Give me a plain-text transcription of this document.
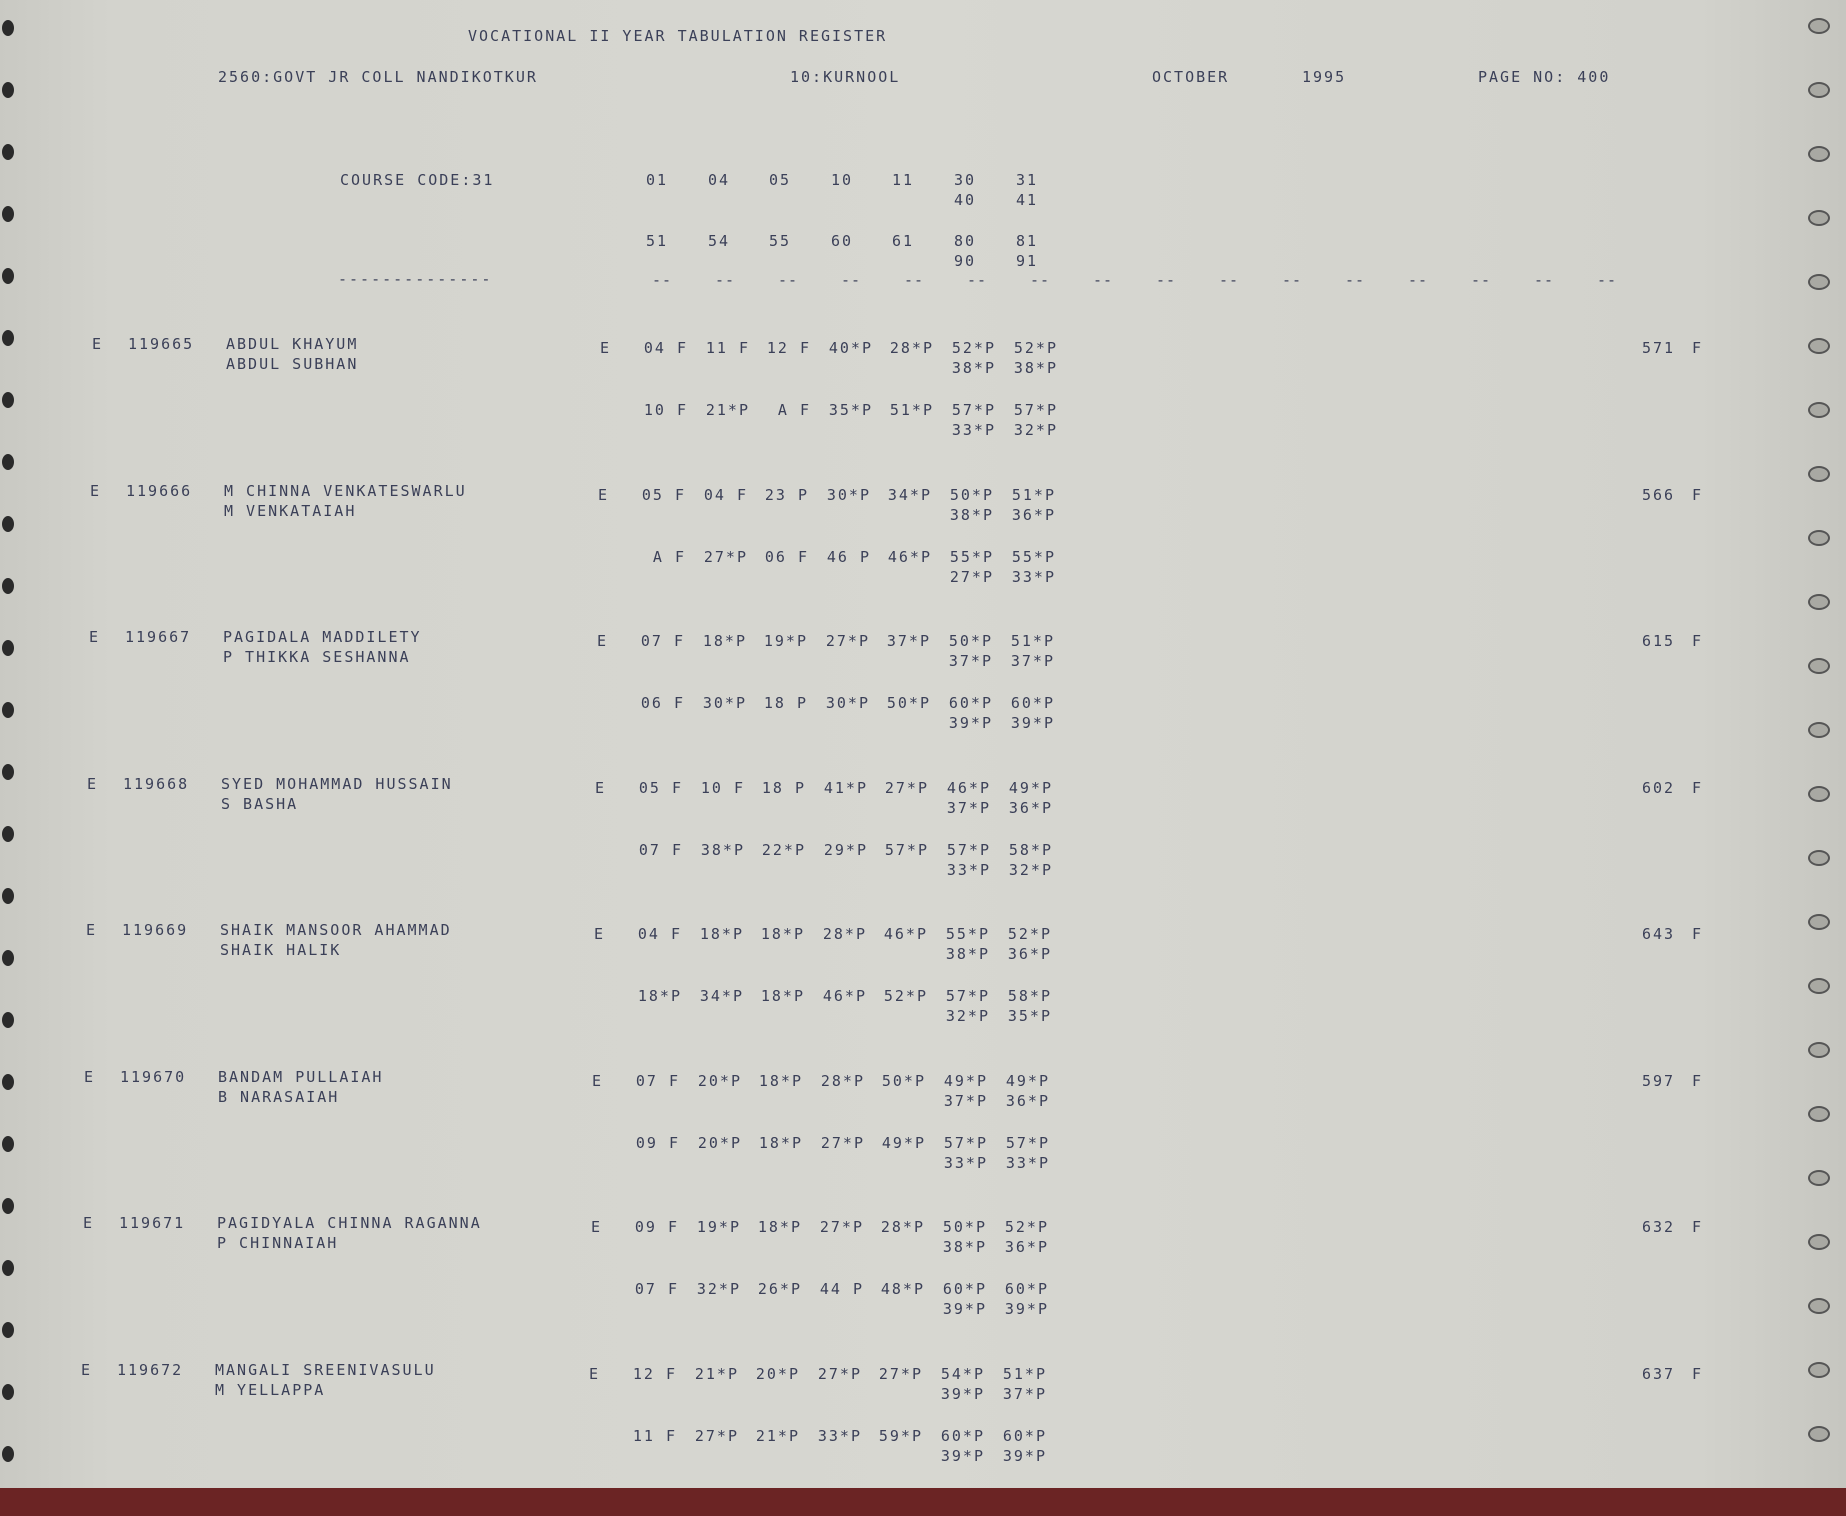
VOCATIONAL II YEAR TABULATION REGISTER
2560:GOVT JR COLL NANDIKOTKUR	10:KURNOOL	OCTOBER	1995	PAGE NO: 400
COURSE CODE:31	01	04	05	10	11	30	31
40	41
51	54	55	60	61	80	81
90	91
--------------	--	--	--	--	--	--	--	--	--	--	--	--	--	--	--	--
E 119665 ABDUL KHAYUM
ABDUL SUBHAN
E	04 F	11 F	12 F	40*P	28*P	52*P	52*P
38*P	38*P
10 F	21*P	A F	35*P	51*P	57*P	57*P
33*P	32*P
571 F
E 119666 M CHINNA VENKATESWARLU
M VENKATAIAH
E	05 F	04 F	23 P	30*P	34*P	50*P	51*P
38*P	36*P
A F	27*P	06 F	46 P	46*P	55*P	55*P
27*P	33*P
566 F
E 119667 PAGIDALA MADDILETY
P THIKKA SESHANNA
E	07 F	18*P	19*P	27*P	37*P	50*P	51*P
37*P	37*P
06 F	30*P	18 P	30*P	50*P	60*P	60*P
39*P	39*P
615 F
E 119668 SYED MOHAMMAD HUSSAIN
S BASHA
E	05 F	10 F	18 P	41*P	27*P	46*P	49*P
37*P	36*P
07 F	38*P	22*P	29*P	57*P	57*P	58*P
33*P	32*P
602 F
E 119669 SHAIK MANSOOR AHAMMAD
SHAIK HALIK
E	04 F	18*P	18*P	28*P	46*P	55*P	52*P
38*P	36*P
18*P	34*P	18*P	46*P	52*P	57*P	58*P
32*P	35*P
643 F
E 119670 BANDAM PULLAIAH
B NARASAIAH
E	07 F	20*P	18*P	28*P	50*P	49*P	49*P
37*P	36*P
09 F	20*P	18*P	27*P	49*P	57*P	57*P
33*P	33*P
597 F
E 119671 PAGIDYALA CHINNA RAGANNA
P CHINNAIAH
E	09 F	19*P	18*P	27*P	28*P	50*P	52*P
38*P	36*P
07 F	32*P	26*P	44 P	48*P	60*P	60*P
39*P	39*P
632 F
E 119672 MANGALI SREENIVASULU
M YELLAPPA
E	12 F	21*P	20*P	27*P	27*P	54*P	51*P
39*P	37*P
11 F	27*P	21*P	33*P	59*P	60*P	60*P
39*P	39*P
637 F
